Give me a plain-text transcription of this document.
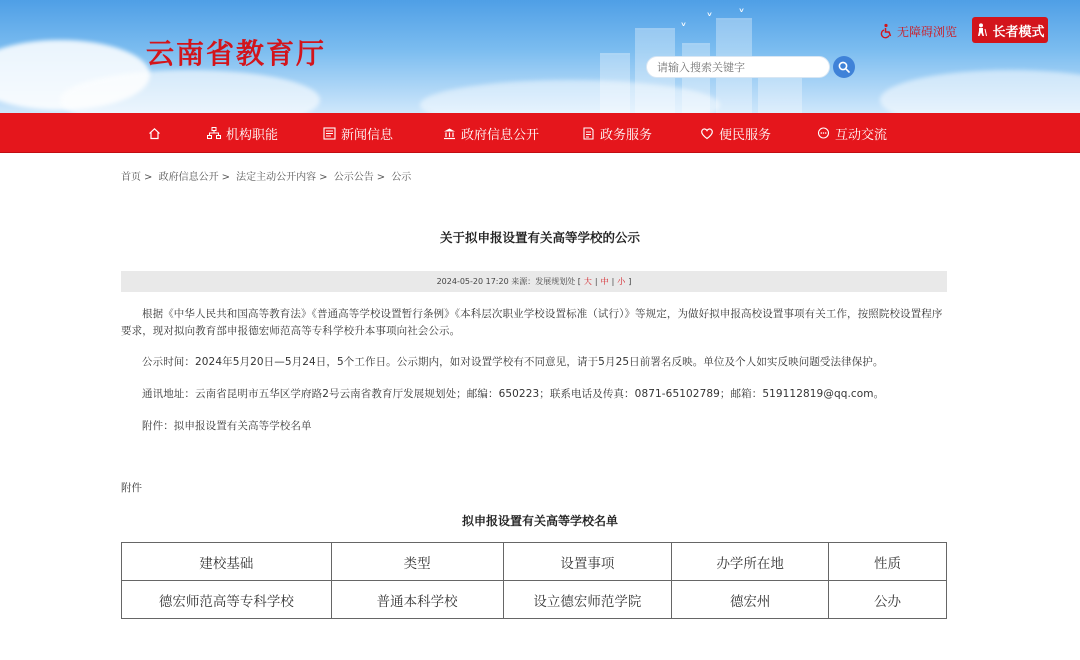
˅
˅ ˅
云南省教育厅
请输入搜索关键字
无障碍浏览	长者模式
机构职能	新闻信息	政府信息公开	政务服务	便民服务	互动交流
首页 > 政府信息公开 > 法定主动公开内容 > 公示公告 > 公示
关于拟申报设置有关高等学校的公示
2024-05-20 17:20 来源：发展规划处 [ 大 | 中 | 小 ]

根据《中华人民共和国高等教育法》《普通高等学校设置暂行条例》《本科层次职业学校设置标准（试行）》等规定，为做好拟申报高校设置事项有关工作，按照院校设置程序要求，现对拟向教育部申报德宏师范高等专科学校升本事项向社会公示。

公示时间：2024年5月20日—5月24日，5个工作日。公示期内，如对设置学校有不同意见，请于5月25日前署名反映。单位及个人如实反映问题受法律保护。

通讯地址：云南省昆明市五华区学府路2号云南省教育厅发展规划处；邮编：650223；联系电话及传真：0871-65102789；邮箱：519112819@qq.com。

附件：拟申报设置有关高等学校名单

附件
拟申报设置有关高等学校名单
建校基础	类型	设置事项	办学所在地	性质
德宏师范高等专科学校	普通本科学校	设立德宏师范学院	德宏州	公办
